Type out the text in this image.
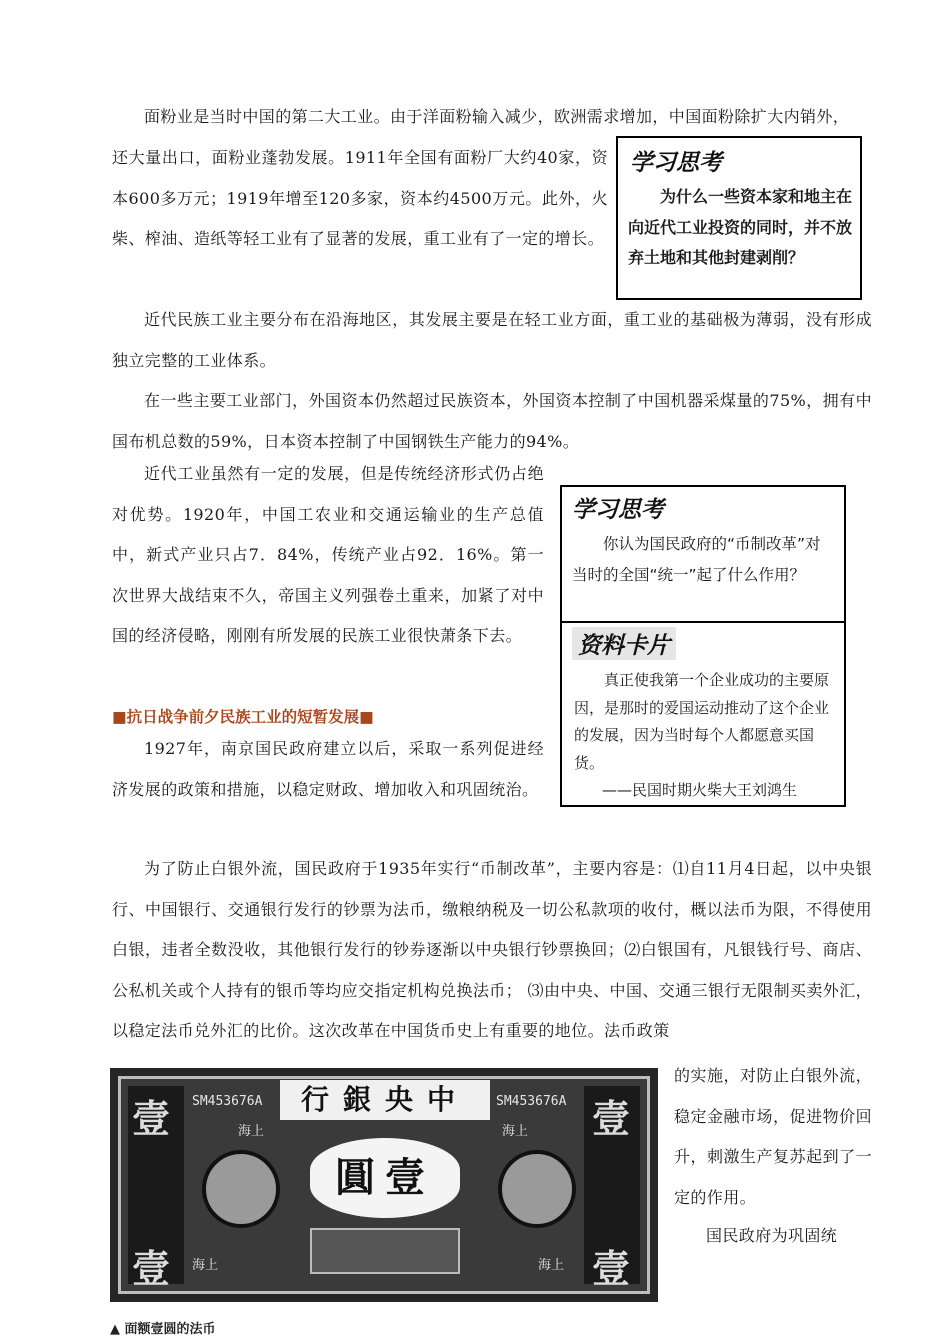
面粉业是当时中国的第二大工业。由于洋面粉输入减少，欧洲需求增加，中国面粉除扩大内销外，

还大量出口，面粉业蓬勃发展。1911年全国有面粉厂大约40家，资本600多万元；1919年增至120多家，资本约4500万元。此外，火柴、榨油、造纸等轻工业有了显著的发展，重工业有了一定的增长。

学习思考

为什么一些资本家和地主在向近代工业投资的同时，并不放弃土地和其他封建剥削？

近代民族工业主要分布在沿海地区，其发展主要是在轻工业方面，重工业的基础极为薄弱，没有形成独立完整的工业体系。

在一些主要工业部门，外国资本仍然超过民族资本，外国资本控制了中国机器采煤量的75%，拥有中国布机总数的59%，日本资本控制了中国钢铁生产能力的94%。

近代工业虽然有一定的发展，但是传统经济形式仍占绝对优势。1920年，中国工农业和交通运输业的生产总值中，新式产业只占7．84%，传统产业占92．16%。第一次世界大战结束不久，帝国主义列强卷土重来，加紧了对中国的经济侵略，刚刚有所发展的民族工业很快萧条下去。

学习思考

你认为国民政府的“币制改革”对当时的全国“统一”起了什么作用？

资料卡片

真正使我第一个企业成功的主要原因，是那时的爱国运动推动了这个企业的发展，因为当时每个人都愿意买国货。

——民国时期火柴大王刘鸿生
■抗日战争前夕民族工业的短暂发展■

1927年，南京国民政府建立以后，采取一系列促进经济发展的政策和措施，以稳定财政、增加收入和巩固统治。

为了防止白银外流，国民政府于1935年实行“币制改革”，主要内容是：⑴自11月4日起，以中央银行、中国银行、交通银行发行的钞票为法币，缴粮纳税及一切公私款项的收付，概以法币为限，不得使用白银，违者全数没收，其他银行发行的钞券逐渐以中央银行钞票换回；⑵白银国有，凡银钱行号、商店、公私机关或个人持有的银币等均应交指定机构兑换法币； ⑶由中央、中国、交通三银行无限制买卖外汇，以稳定法币兑外汇的比价。这次改革在中国货币史上有重要的地位。法币政策

的实施，对防止白银外流，稳定金融市场，促进物价回升，刺激生产复苏起到了一定的作用。

国民政府为巩固统

壹	壹
壹	壹
中央銀行
SM453676A	SM453676A
上海	上海
上海	上海
壹圓
▲ 面额壹圆的法币
